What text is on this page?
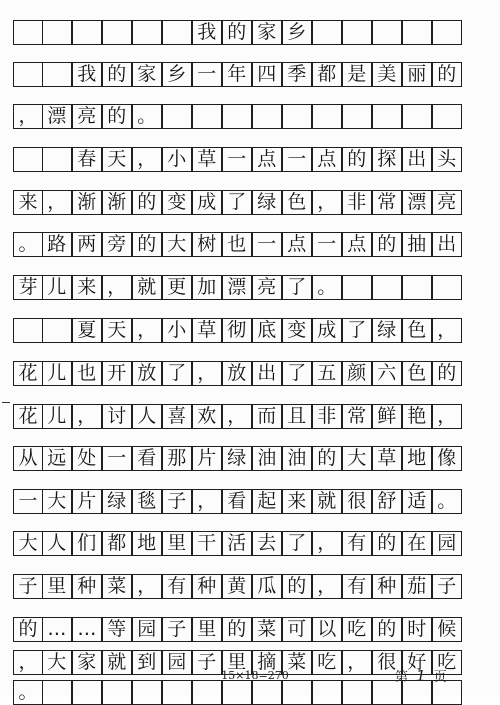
我 的 家 乡
我 的 家 乡 一 年 四 季 都 是 美 丽 的
， 漂 亮 的 。
春 天 ， 小 草 一 点 一 点 的 探 出 头
来 ， 渐 渐 的 变 成 了 绿 色 ， 非 常 漂 亮
。 路 两 旁 的 大 树 也 一 点 一 点 的 抽 出
芽 儿 来 ， 就 更 加 漂 亮 了 。
夏 天 ， 小 草 彻 底 变 成 了 绿 色 ，
花 儿 也 开 放 了 ， 放 出 了 五 颜 六 色 的
花 儿 ， 讨 人 喜 欢 ， 而 且 非 常 鲜 艳 ，
从 远 处 一 看 那 片 绿 油 油 的 大 草 地 像
一 大 片 绿 毯 子 ， 看 起 来 就 很 舒 适 。
大 人 们 都 地 里 干 活 去 了 ， 有 的 在 园
子 里 种 菜 ， 有 种 黄 瓜 的 ， 有 种 茄 子
的 … … 等 园 子 里 的 菜 可 以 吃 的 时 候
， 大 家 就 到 园 子 里 摘 菜 吃 ， 很 好 吃
。
15×18=270	第 1 页
